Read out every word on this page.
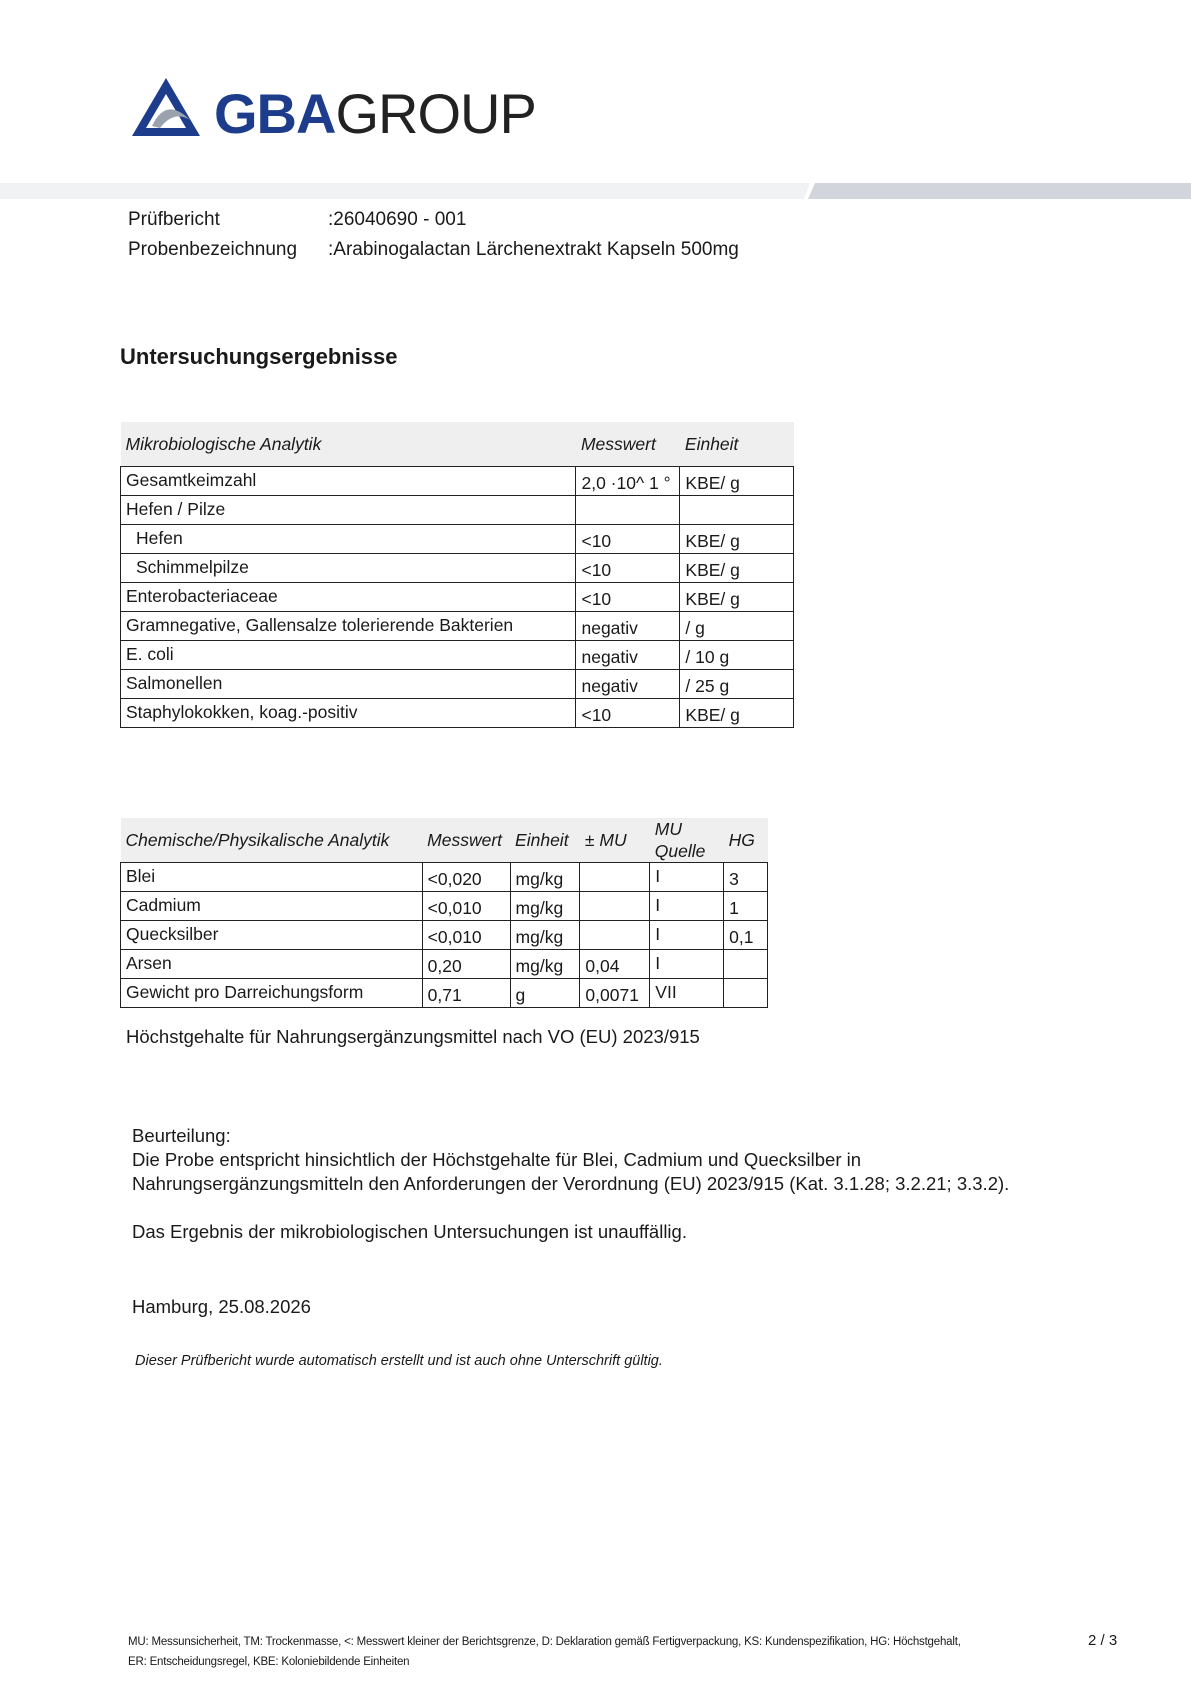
GBAGROUP
Prüfbericht	:26040690 - 001
Probenbezeichnung :Arabinogalactan Lärchenextrakt Kapseln 500mg
Untersuchungsergebnisse
Mikrobiologische Analytik	Messwert	Einheit
Gesamtkeimzahl	2,0 ·10^ 1 °	KBE/ g
Hefen / Pilze		
Hefen	<10	KBE/ g
Schimmelpilze	<10	KBE/ g
Enterobacteriaceae	<10	KBE/ g
Gramnegative, Gallensalze tolerierende Bakterien	negativ	/ g
E. coli	negativ	/ 10 g
Salmonellen	negativ	/ 25 g
Staphylokokken, koag.-positiv	<10	KBE/ g
Chemische/Physikalische Analytik	Messwert	Einheit	± MU	MU Quelle	HG
Blei	<0,020	mg/kg		I	3
Cadmium	<0,010	mg/kg		I	1
Quecksilber	<0,010	mg/kg		I	0,1
Arsen	0,20	mg/kg	0,04	I	
Gewicht pro Darreichungsform	0,71	g	0,0071	VII	
Höchstgehalte für Nahrungsergänzungsmittel nach VO (EU) 2023/915
Beurteilung:
Die Probe entspricht hinsichtlich der Höchstgehalte für Blei, Cadmium und Quecksilber in
Nahrungsergänzungsmitteln den Anforderungen der Verordnung (EU) 2023/915 (Kat. 3.1.28; 3.2.21; 3.3.2).
Das Ergebnis der mikrobiologischen Untersuchungen ist unauffällig.
Hamburg, 25.08.2026
Dieser Prüfbericht wurde automatisch erstellt und ist auch ohne Unterschrift gültig.
MU: Messunsicherheit, TM: Trockenmasse, <: Messwert kleiner der Berichtsgrenze, D: Deklaration gemäß Fertigverpackung, KS: Kundenspezifikation, HG: Höchstgehalt,
ER: Entscheidungsregel, KBE: Koloniebildende Einheiten
2 / 3
